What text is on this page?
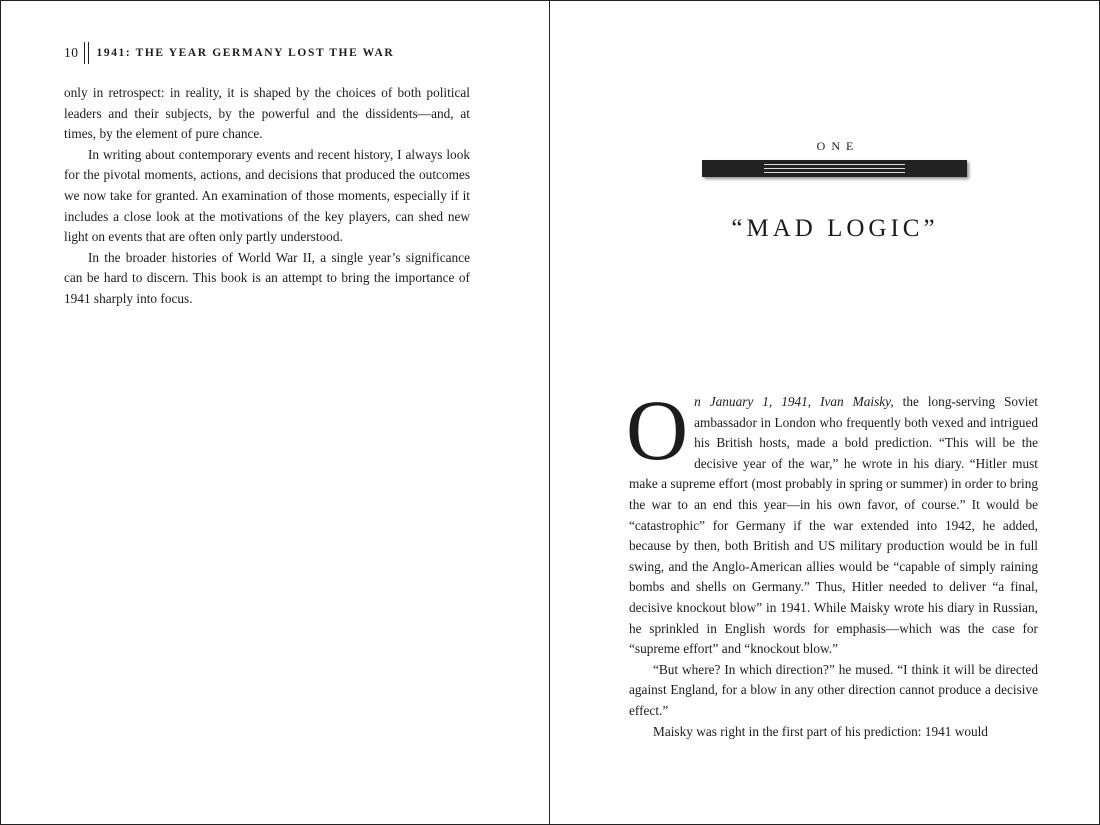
10 1941: THE YEAR GERMANY LOST THE WAR

only in retrospect: in reality, it is shaped by the choices of both political leaders and their subjects, by the powerful and the dissidents—and, at times, by the element of pure chance.

In writing about contemporary events and recent history, I always look for the pivotal moments, actions, and decisions that produced the outcomes we now take for granted. An examination of those moments, especially if it includes a close look at the motivations of the key players, can shed new light on events that are often only partly understood.

In the broader histories of World War II, a single year’s significance can be hard to discern. This book is an attempt to bring the importance of 1941 sharply into focus.

ONE
“MAD LOGIC”

On January 1, 1941, Ivan Maisky, the long-serving Soviet ambassador in London who frequently both vexed and intrigued his British hosts, made a bold prediction. “This will be the decisive year of the war,” he wrote in his diary. “Hitler must make a supreme effort (most probably in spring or summer) in order to bring the war to an end this year—in his own favor, of course.” It would be “catastrophic” for Germany if the war extended into 1942, he added, because by then, both British and US military production would be in full swing, and the Anglo-American allies would be “capable of simply raining bombs and shells on Germany.” Thus, Hitler needed to deliver “a final, decisive knockout blow” in 1941. While Maisky wrote his diary in Russian, he sprinkled in English words for emphasis—which was the case for “supreme effort” and “knockout blow.”

“But where? In which direction?” he mused. “I think it will be directed against England, for a blow in any other direction cannot produce a decisive effect.”

Maisky was right in the first part of his prediction: 1941 would
